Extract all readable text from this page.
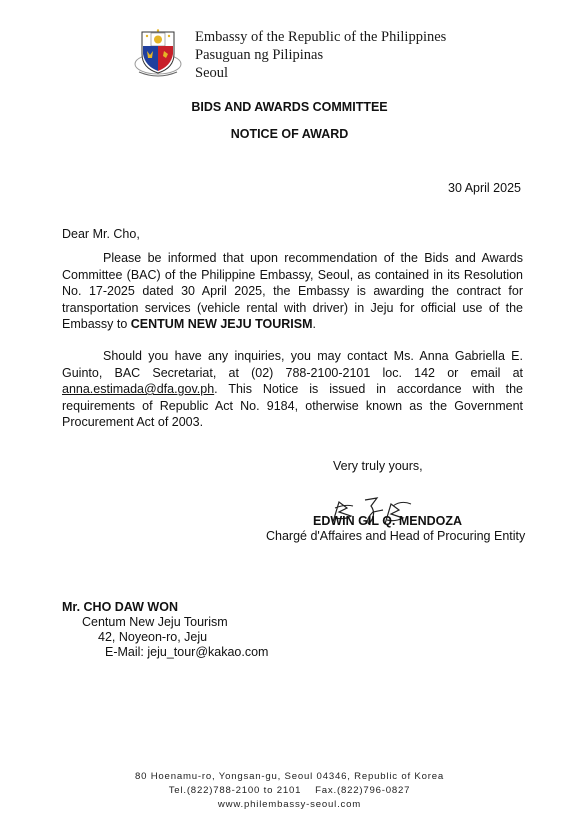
Embassy of the Republic of the Philippines
Pasuguan ng Pilipinas
Seoul
BIDS AND AWARDS COMMITTEE
NOTICE OF AWARD
30 April 2025
Dear Mr. Cho,
Please be informed that upon recommendation of the Bids and Awards Committee (BAC) of the Philippine Embassy, Seoul, as contained in its Resolution No. 17-2025 dated 30 April 2025, the Embassy is awarding the contract for transportation services (vehicle rental with driver) in Jeju for official use of the Embassy to CENTUM NEW JEJU TOURISM.
Should you have any inquiries, you may contact Ms. Anna Gabriella E. Guinto, BAC Secretariat, at (02) 788-2100-2101 loc. 142 or email at anna.estimada@dfa.gov.ph. This Notice is issued in accordance with the requirements of Republic Act No. 9184, otherwise known as the Government Procurement Act of 2003.
Very truly yours,
EDWIN GIL Q. MENDOZA
Chargé d'Affaires and Head of Procuring Entity
Mr. CHO DAW WON
Centum New Jeju Tourism
42, Noyeon-ro, Jeju
E-Mail: jeju_tour@kakao.com
80 Hoenamu-ro, Yongsan-gu, Seoul 04346, Republic of Korea
Tel.(822)788-2100 to 2101    Fax.(822)796-0827
www.philembassy-seoul.com
